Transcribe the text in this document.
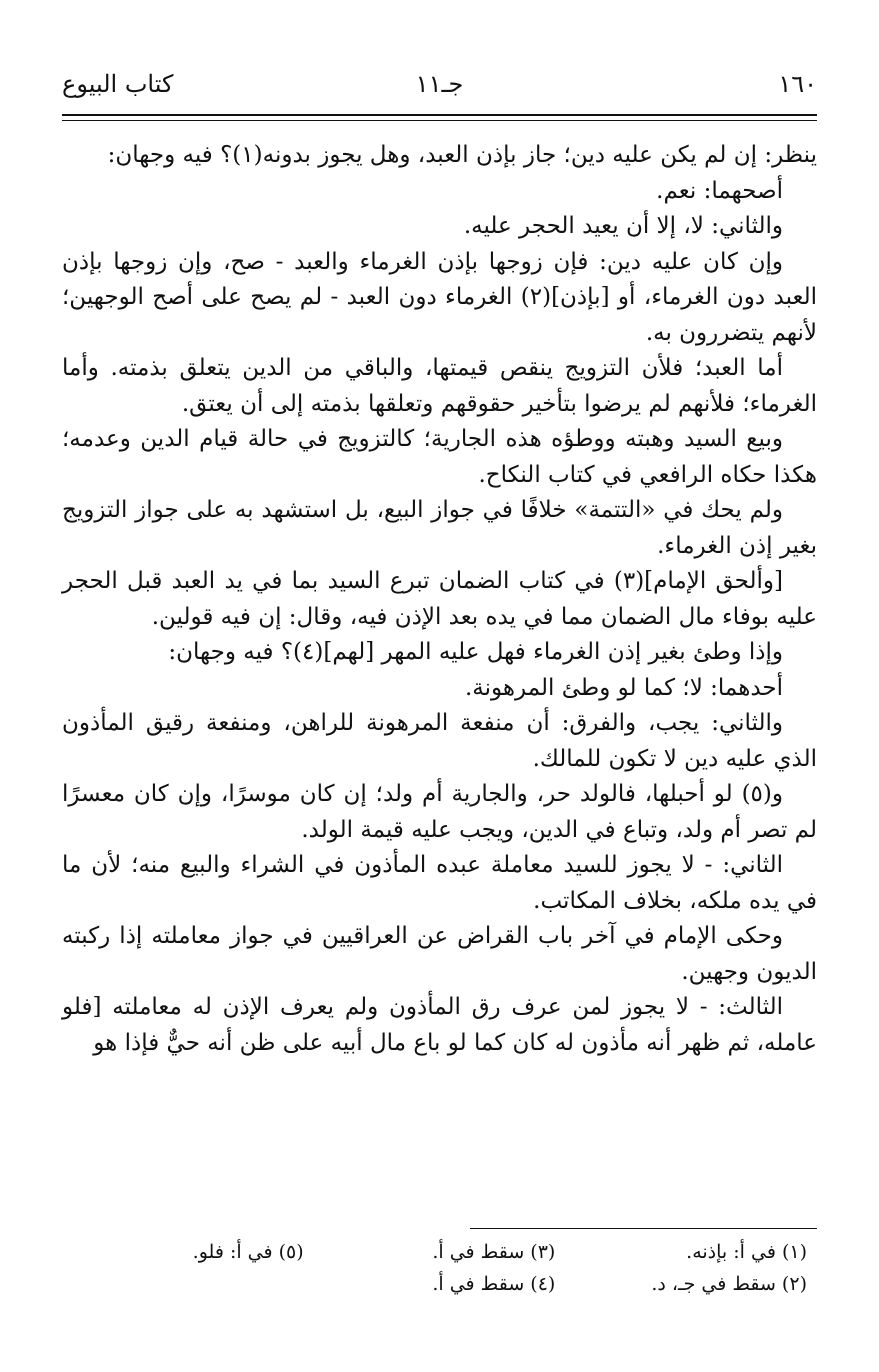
١٦٠
جـ١١
كتاب البيوع

ينظر: إن لم يكن عليه دين؛ جاز بإذن العبد، وهل يجوز بدونه(١)؟ فيه وجهان:

أصحهما: نعم.

والثاني: لا، إلا أن يعيد الحجر عليه.

وإن كان عليه دين: فإن زوجها بإذن الغرماء والعبد - صح، وإن زوجها بإذن العبد دون الغرماء، أو [بإذن](٢) الغرماء دون العبد - لم يصح على أصح الوجهين؛ لأنهم يتضررون به.

أما العبد؛ فلأن التزويج ينقص قيمتها، والباقي من الدين يتعلق بذمته. وأما الغرماء؛ فلأنهم لم يرضوا بتأخير حقوقهم وتعلقها بذمته إلى أن يعتق.

وبيع السيد وهبته ووطؤه هذه الجارية؛ كالتزويج في حالة قيام الدين وعدمه؛ هكذا حكاه الرافعي في كتاب النكاح.

ولم يحك في «التتمة» خلافًا في جواز البيع، بل استشهد به على جواز التزويج بغير إذن الغرماء.

[وألحق الإمام](٣) في كتاب الضمان تبرع السيد بما في يد العبد قبل الحجر عليه بوفاء مال الضمان مما في يده بعد الإذن فيه، وقال: إن فيه قولين.

وإذا وطئ بغير إذن الغرماء فهل عليه المهر [لهم](٤)؟ فيه وجهان:

أحدهما: لا؛ كما لو وطئ المرهونة.

والثاني: يجب، والفرق: أن منفعة المرهونة للراهن، ومنفعة رقيق المأذون الذي عليه دين لا تكون للمالك.

و(٥) لو أحبلها، فالولد حر، والجارية أم ولد؛ إن كان موسرًا، وإن كان معسرًا لم تصر أم ولد، وتباع في الدين، ويجب عليه قيمة الولد.

الثاني: - لا يجوز للسيد معاملة عبده المأذون في الشراء والبيع منه؛ لأن ما في يده ملكه، بخلاف المكاتب.

وحكى الإمام في آخر باب القراض عن العراقيين في جواز معاملته إذا ركبته الديون وجهين.

الثالث: - لا يجوز لمن عرف رق المأذون ولم يعرف الإذن له معاملته [فلو عامله، ثم ظهر أنه مأذون له كان كما لو باع مال أبيه على ظن أنه حيٌّ فإذا هو

(١) في أ: بإذنه.
(٣) سقط في أ.
(٥) في أ: فلو.
(٢) سقط في جـ، د.
(٤) سقط في أ.
